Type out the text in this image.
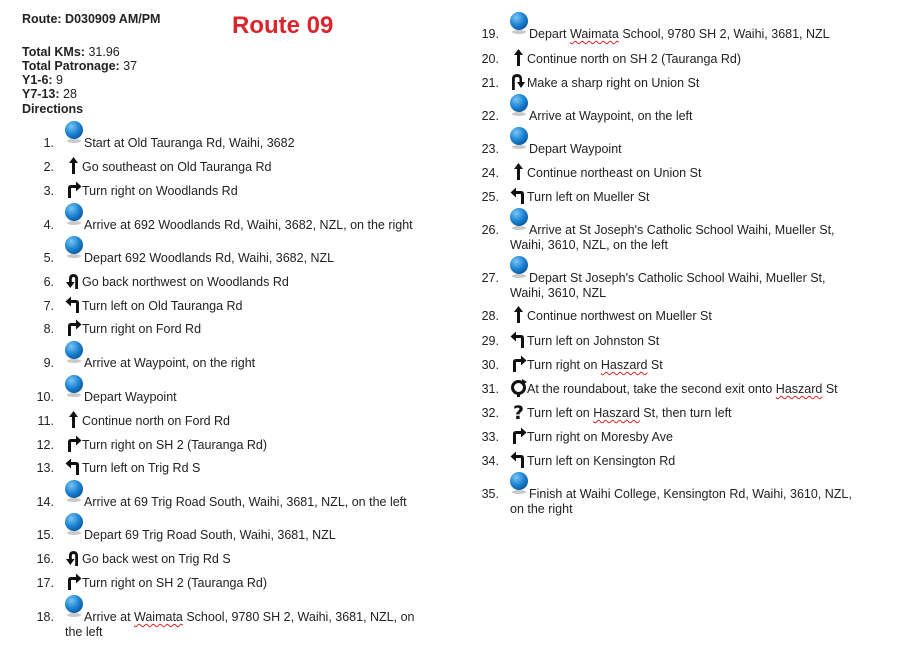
Route: D030909 AM/PM	Route 09
Total KMs: 31.96
Total Patronage: 37
Y1-6: 9
Y7-13: 28
Directions
1. Start at Old Tauranga Rd, Waihi, 3682
2. Go southeast on Old Tauranga Rd
3. Turn right on Woodlands Rd
4. Arrive at 692 Woodlands Rd, Waihi, 3682, NZL, on the right
5. Depart 692 Woodlands Rd, Waihi, 3682, NZL
6. Go back northwest on Woodlands Rd
7. Turn left on Old Tauranga Rd
8. Turn right on Ford Rd
9. Arrive at Waypoint, on the right
10. Depart Waypoint
11. Continue north on Ford Rd
12. Turn right on SH 2 (Tauranga Rd)
13. Turn left on Trig Rd S
14. Arrive at 69 Trig Road South, Waihi, 3681, NZL, on the left
15. Depart 69 Trig Road South, Waihi, 3681, NZL
16. Go back west on Trig Rd S
17. Turn right on SH 2 (Tauranga Rd)
18. Arrive at Waimata School, 9780 SH 2, Waihi, 3681, NZL, on
the left
19. Depart Waimata School, 9780 SH 2, Waihi, 3681, NZL
20. Continue north on SH 2 (Tauranga Rd)
21. Make a sharp right on Union St
22. Arrive at Waypoint, on the left
23. Depart Waypoint
24. Continue northeast on Union St
25. Turn left on Mueller St
26. Arrive at St Joseph's Catholic School Waihi, Mueller St,
Waihi, 3610, NZL, on the left
27. Depart St Joseph's Catholic School Waihi, Mueller St,
Waihi, 3610, NZL
28. Continue northwest on Mueller St
29. Turn left on Johnston St
30. Turn right on Haszard St
31. At the roundabout, take the second exit onto Haszard St
32. ? Turn left on Haszard St, then turn left
33. Turn right on Moresby Ave
34. Turn left on Kensington Rd
35. Finish at Waihi College, Kensington Rd, Waihi, 3610, NZL,
on the right
